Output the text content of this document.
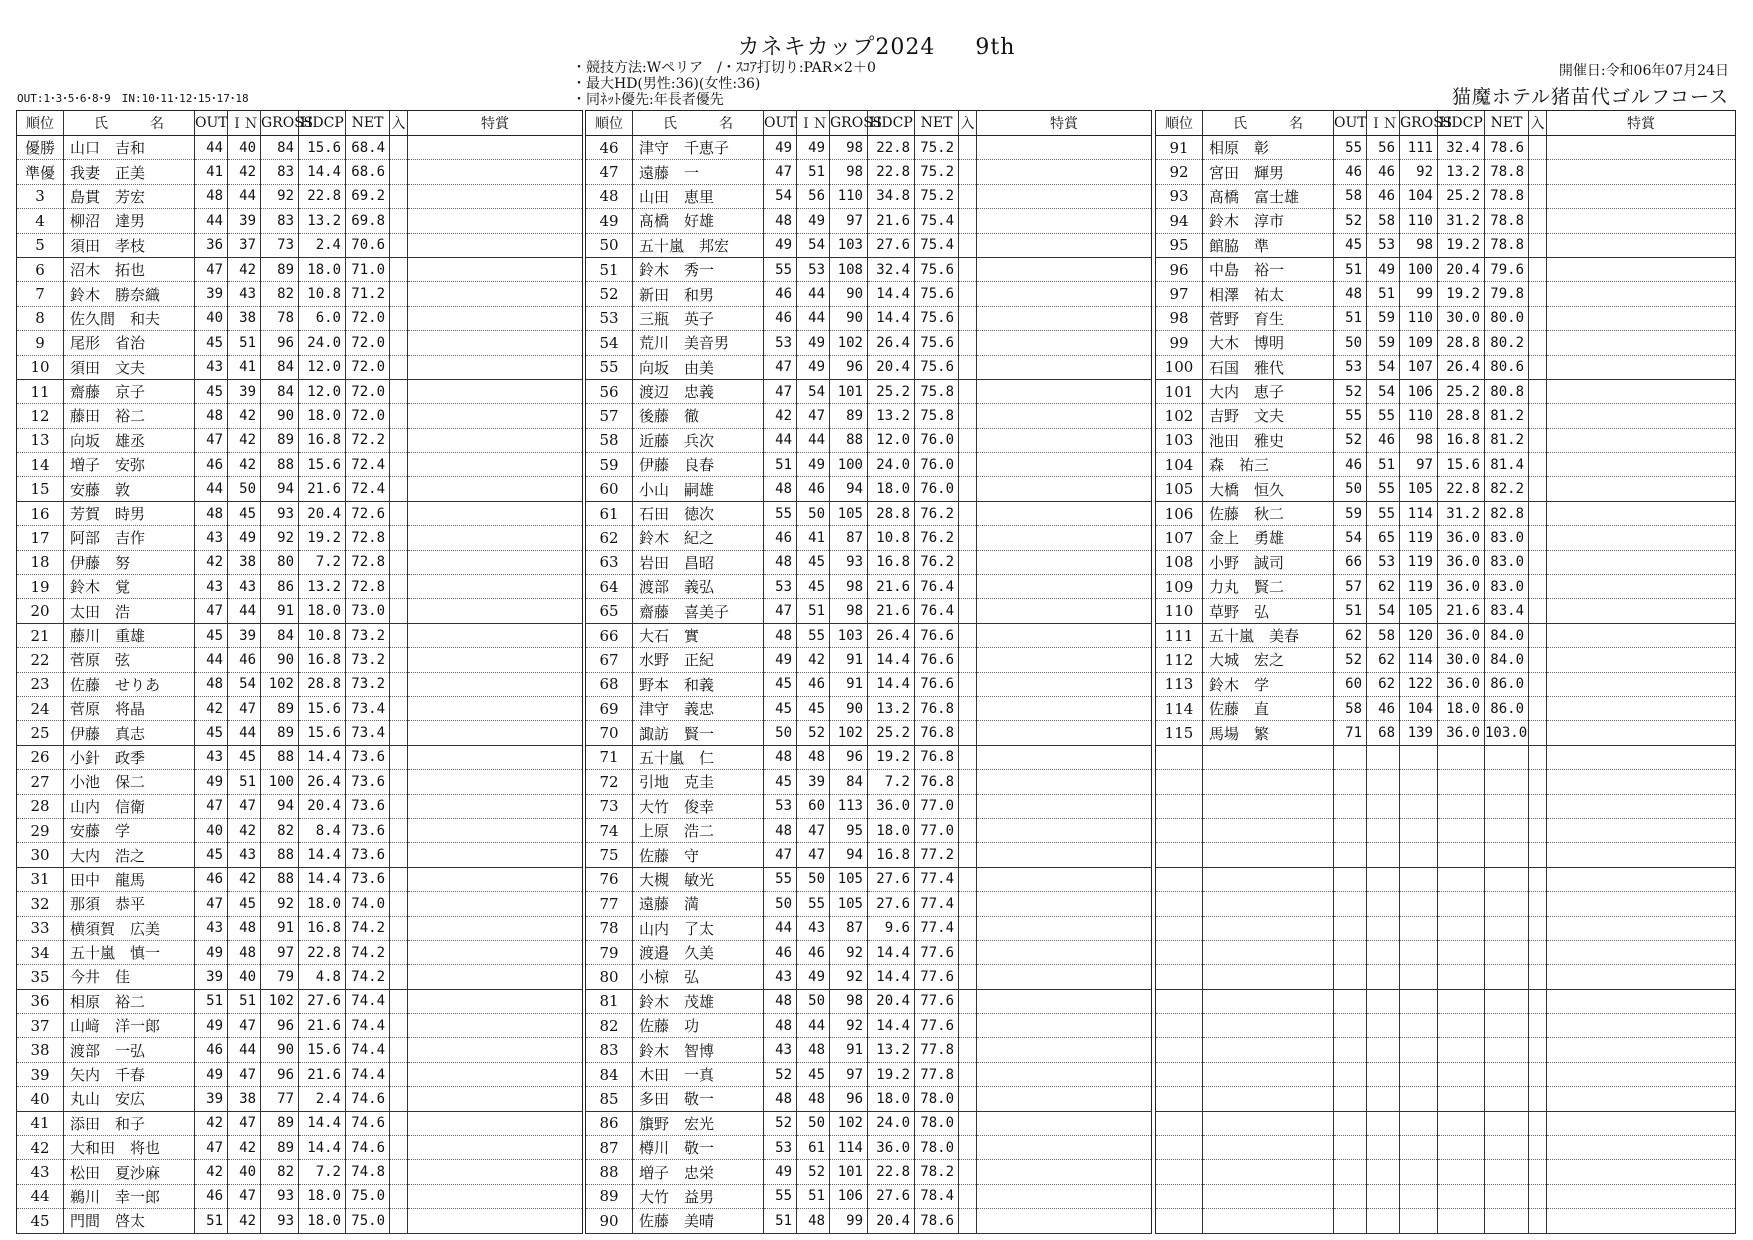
カネキカップ2024 9th
・競技方法:Wペリア　/・ｽｺｱ打切り:PAR×2＋0
・最大HD(男性:36)(女性:36)
・同ﾈｯﾄ優先:年長者優先
OUT:1･3･5･6･8･9　IN:10･11･12･15･17･18
開催日:令和06年07月24日
猫魔ホテル猪苗代ゴルフコース
順位	氏　　　名	OUT	ＩＮ	GROSS	HDCP	NET	入	特賞
優勝	山口　吉和	44	40	84	15.6	68.4		
準優	我妻　正美	41	42	83	14.4	68.6		
3	島貫　芳宏	48	44	92	22.8	69.2		
4	柳沼　達男	44	39	83	13.2	69.8		
5	須田　孝枝	36	37	73	2.4	70.6		
6	沼木　拓也	47	42	89	18.0	71.0		
7	鈴木　勝奈織	39	43	82	10.8	71.2		
8	佐久間　和夫	40	38	78	6.0	72.0		
9	尾形　省治	45	51	96	24.0	72.0		
10	須田　文夫	43	41	84	12.0	72.0		
11	齋藤　京子	45	39	84	12.0	72.0		
12	藤田　裕二	48	42	90	18.0	72.0		
13	向坂　雄丞	47	42	89	16.8	72.2		
14	増子　安弥	46	42	88	15.6	72.4		
15	安藤　敦	44	50	94	21.6	72.4		
16	芳賀　時男	48	45	93	20.4	72.6		
17	阿部　吉作	43	49	92	19.2	72.8		
18	伊藤　努	42	38	80	7.2	72.8		
19	鈴木　覚	43	43	86	13.2	72.8		
20	太田　浩	47	44	91	18.0	73.0		
21	藤川　重雄	45	39	84	10.8	73.2		
22	菅原　弦	44	46	90	16.8	73.2		
23	佐藤　せりあ	48	54	102	28.8	73.2		
24	菅原　将晶	42	47	89	15.6	73.4		
25	伊藤　真志	45	44	89	15.6	73.4		
26	小針　政季	43	45	88	14.4	73.6		
27	小池　保二	49	51	100	26.4	73.6		
28	山内　信衛	47	47	94	20.4	73.6		
29	安藤　学	40	42	82	8.4	73.6		
30	大内　浩之	45	43	88	14.4	73.6		
31	田中　龍馬	46	42	88	14.4	73.6		
32	那須　恭平	47	45	92	18.0	74.0		
33	横須賀　広美	43	48	91	16.8	74.2		
34	五十嵐　慎一	49	48	97	22.8	74.2		
35	今井　佳	39	40	79	4.8	74.2		
36	相原　裕二	51	51	102	27.6	74.4		
37	山﨑　洋一郎	49	47	96	21.6	74.4		
38	渡部　一弘	46	44	90	15.6	74.4		
39	矢内　千春	49	47	96	21.6	74.4		
40	丸山　安広	39	38	77	2.4	74.6		
41	添田　和子	42	47	89	14.4	74.6		
42	大和田　将也	47	42	89	14.4	74.6		
43	松田　夏沙麻	42	40	82	7.2	74.8		
44	鵜川　幸一郎	46	47	93	18.0	75.0		
45	門間　啓太	51	42	93	18.0	75.0		
順位	氏　　　名	OUT	ＩＮ	GROSS	HDCP	NET	入	特賞
46	津守　千恵子	49	49	98	22.8	75.2		
47	遠藤　一	47	51	98	22.8	75.2		
48	山田　恵里	54	56	110	34.8	75.2		
49	髙橋　好雄	48	49	97	21.6	75.4		
50	五十嵐　邦宏	49	54	103	27.6	75.4		
51	鈴木　秀一	55	53	108	32.4	75.6		
52	新田　和男	46	44	90	14.4	75.6		
53	三瓶　英子	46	44	90	14.4	75.6		
54	荒川　美音男	53	49	102	26.4	75.6		
55	向坂　由美	47	49	96	20.4	75.6		
56	渡辺　忠義	47	54	101	25.2	75.8		
57	後藤　徹	42	47	89	13.2	75.8		
58	近藤　兵次	44	44	88	12.0	76.0		
59	伊藤　良春	51	49	100	24.0	76.0		
60	小山　嗣雄	48	46	94	18.0	76.0		
61	石田　徳次	55	50	105	28.8	76.2		
62	鈴木　紀之	46	41	87	10.8	76.2		
63	岩田　昌昭	48	45	93	16.8	76.2		
64	渡部　義弘	53	45	98	21.6	76.4		
65	齋藤　喜美子	47	51	98	21.6	76.4		
66	大石　實	48	55	103	26.4	76.6		
67	水野　正紀	49	42	91	14.4	76.6		
68	野本　和義	45	46	91	14.4	76.6		
69	津守　義忠	45	45	90	13.2	76.8		
70	諏訪　賢一	50	52	102	25.2	76.8		
71	五十嵐　仁	48	48	96	19.2	76.8		
72	引地　克圭	45	39	84	7.2	76.8		
73	大竹　俊幸	53	60	113	36.0	77.0		
74	上原　浩二	48	47	95	18.0	77.0		
75	佐藤　守	47	47	94	16.8	77.2		
76	大槻　敏光	55	50	105	27.6	77.4		
77	遠藤　満	50	55	105	27.6	77.4		
78	山内　了太	44	43	87	9.6	77.4		
79	渡邉　久美	46	46	92	14.4	77.6		
80	小椋　弘	43	49	92	14.4	77.6		
81	鈴木　茂雄	48	50	98	20.4	77.6		
82	佐藤　功	48	44	92	14.4	77.6		
83	鈴木　智博	43	48	91	13.2	77.8		
84	木田　一真	52	45	97	19.2	77.8		
85	多田　敬一	48	48	96	18.0	78.0		
86	籏野　宏光	52	50	102	24.0	78.0		
87	樽川　敬一	53	61	114	36.0	78.0		
88	増子　忠栄	49	52	101	22.8	78.2		
89	大竹　益男	55	51	106	27.6	78.4		
90	佐藤　美晴	51	48	99	20.4	78.6		
順位	氏　　　名	OUT	ＩＮ	GROSS	HDCP	NET	入	特賞
91	相原　彰	55	56	111	32.4	78.6		
92	宮田　輝男	46	46	92	13.2	78.8		
93	髙橋　富士雄	58	46	104	25.2	78.8		
94	鈴木　淳市	52	58	110	31.2	78.8		
95	館脇　準	45	53	98	19.2	78.8		
96	中島　裕一	51	49	100	20.4	79.6		
97	相澤　祐太	48	51	99	19.2	79.8		
98	菅野　育生	51	59	110	30.0	80.0		
99	大木　博明	50	59	109	28.8	80.2		
100	石国　雅代	53	54	107	26.4	80.6		
101	大内　恵子	52	54	106	25.2	80.8		
102	吉野　文夫	55	55	110	28.8	81.2		
103	池田　雅史	52	46	98	16.8	81.2		
104	森　祐三	46	51	97	15.6	81.4		
105	大橋　恒久	50	55	105	22.8	82.2		
106	佐藤　秋二	59	55	114	31.2	82.8		
107	金上　勇雄	54	65	119	36.0	83.0		
108	小野　誠司	66	53	119	36.0	83.0		
109	力丸　賢二	57	62	119	36.0	83.0		
110	草野　弘	51	54	105	21.6	83.4		
111	五十嵐　美春	62	58	120	36.0	84.0		
112	大城　宏之	52	62	114	30.0	84.0		
113	鈴木　学	60	62	122	36.0	86.0		
114	佐藤　直	58	46	104	18.0	86.0		
115	馬場　繁	71	68	139	36.0	103.0		
